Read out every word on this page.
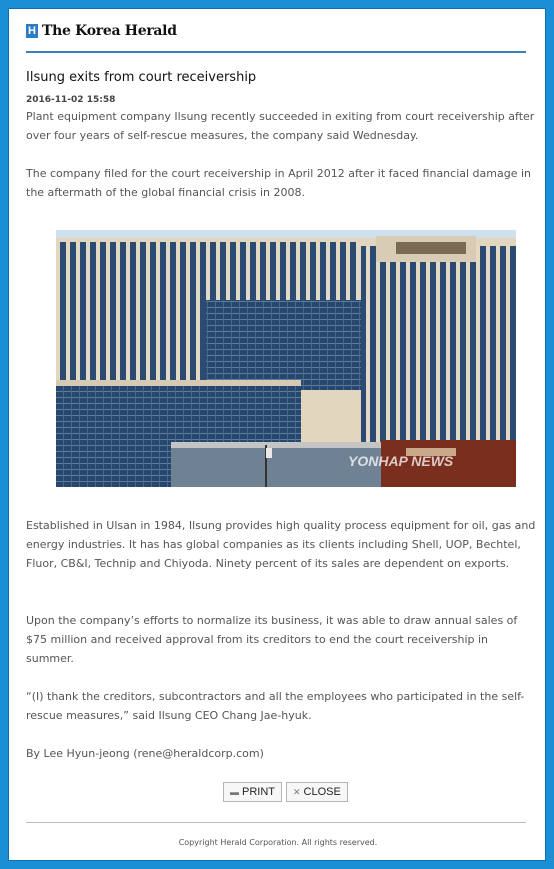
H The Korea Herald
Ilsung exits from court receivership
2016-11-02 15:58

Plant equipment company Ilsung recently succeeded in exiting from court receivership after over four years of self-rescue measures, the company said Wednesday.

The company filed for the court receivership in April 2012 after it faced financial damage in the aftermath of the global financial crisis in 2008.

YONHAP NEWS

Established in Ulsan in 1984, Ilsung provides high quality process equipment for oil, gas and energy industries. It has has global companies as its clients including Shell, UOP, Bechtel, Fluor, CB&I, Technip and Chiyoda. Ninety percent of its sales are dependent on exports.

Upon the company’s efforts to normalize its business, it was able to draw annual sales of $75 million and received approval from its creditors to end the court receivership in summer.

“(I) thank the creditors, subcontractors and all the employees who participated in the self-rescue measures,” said Ilsung CEO Chang Jae-hyuk.

By Lee Hyun-jeong (rene@heraldcorp.com)

▬ PRINT ✕ CLOSE
Copyright Herald Corporation. All rights reserved.
